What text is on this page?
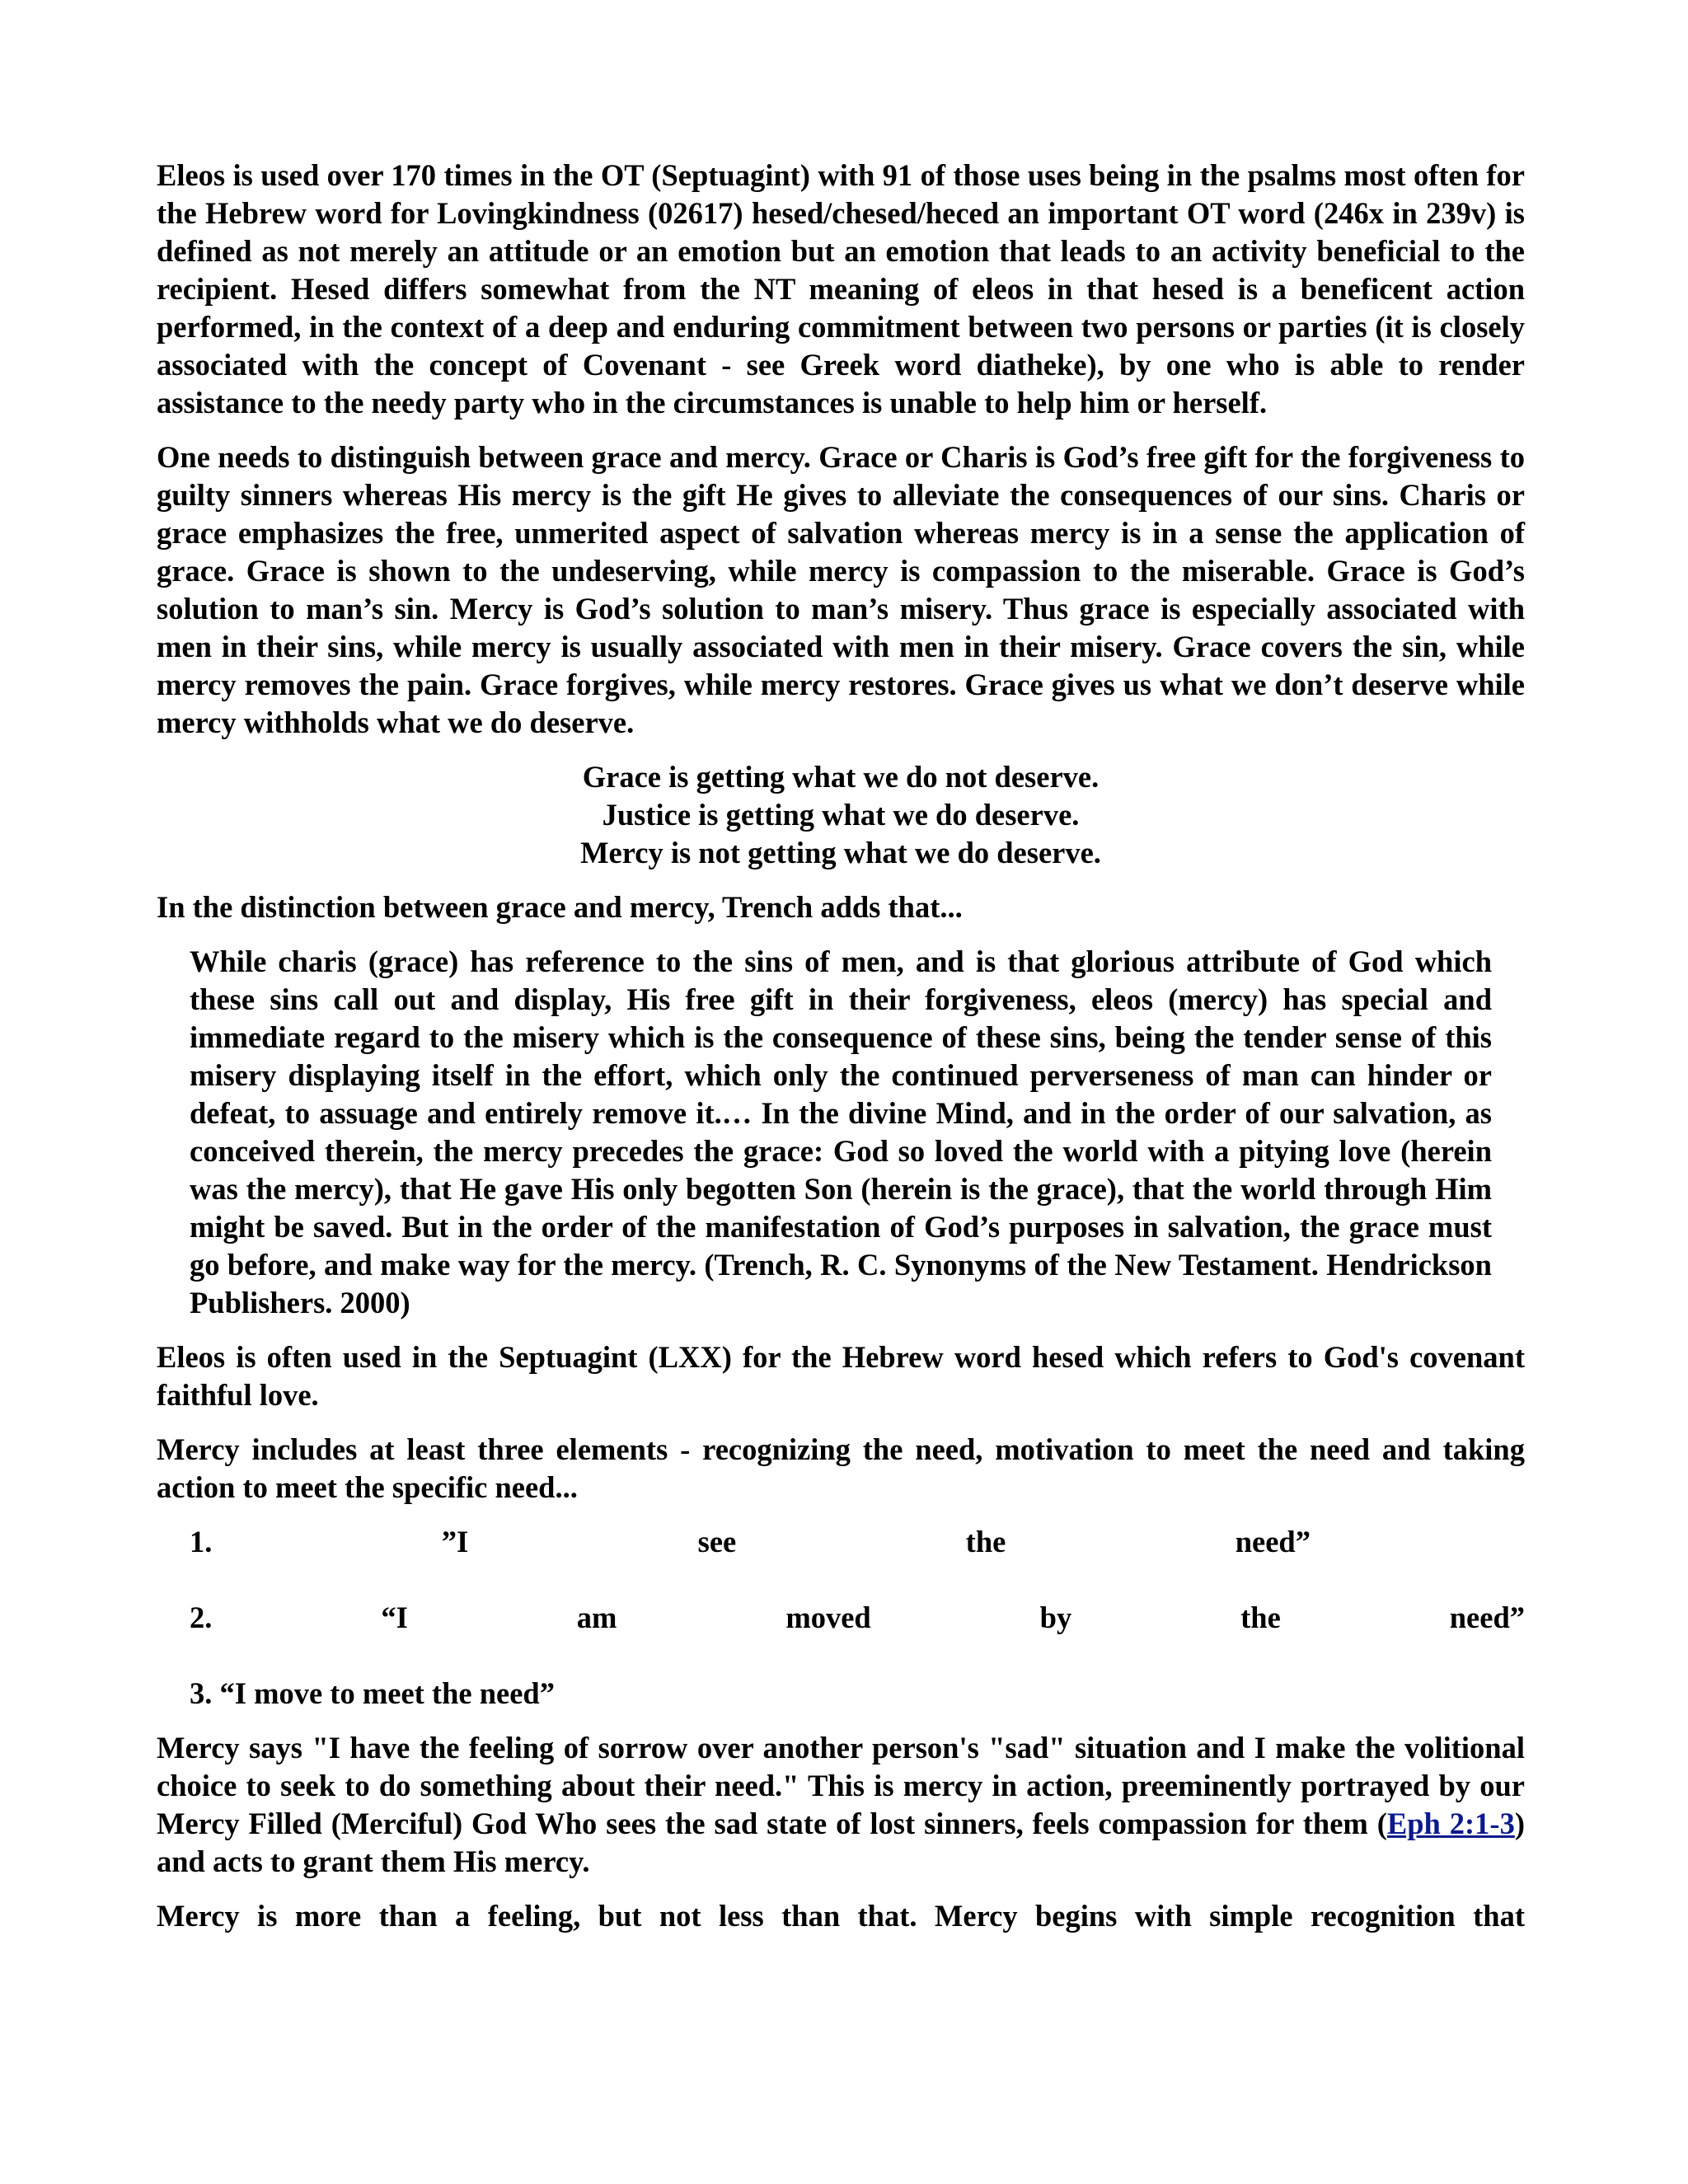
Eleos is used over 170 times in the OT (Septuagint) with 91 of those uses being in the psalms most often for the Hebrew word for Lovingkindness (02617) hesed/chesed/heced an important OT word (246x in 239v) is defined as not merely an attitude or an emotion but an emotion that leads to an activity beneficial to the recipient. Hesed differs somewhat from the NT meaning of eleos in that hesed is a beneficent action performed, in the context of a deep and enduring commitment between two persons or parties (it is closely associated with the concept of Covenant - see Greek word diatheke), by one who is able to render assistance to the needy party who in the circumstances is unable to help him or herself.

One needs to distinguish between grace and mercy. Grace or Charis is God’s free gift for the forgiveness to guilty sinners whereas His mercy is the gift He gives to alleviate the consequences of our sins. Charis or grace emphasizes the free, unmerited aspect of salvation whereas mercy is in a sense the application of grace. Grace is shown to the undeserving, while mercy is compassion to the miserable. Grace is God’s solution to man’s sin. Mercy is God’s solution to man’s misery. Thus grace is especially associated with men in their sins, while mercy is usually associated with men in their misery. Grace covers the sin, while mercy removes the pain. Grace forgives, while mercy restores. Grace gives us what we don’t deserve while mercy withholds what we do deserve.

Grace is getting what we do not deserve.
Justice is getting what we do deserve.
Mercy is not getting what we do deserve.
In the distinction between grace and mercy, Trench adds that...
While charis (grace) has reference to the sins of men, and is that glorious attribute of God which these sins call out and display, His free gift in their forgiveness, eleos (mercy) has special and immediate regard to the misery which is the consequence of these sins, being the tender sense of this misery displaying itself in the effort, which only the continued perverseness of man can hinder or defeat, to assuage and entirely remove it.… In the divine Mind, and in the order of our salvation, as conceived therein, the mercy precedes the grace: God so loved the world with a pitying love (herein was the mercy), that He gave His only begotten Son (herein is the grace), that the world through Him might be saved. But in the order of the manifestation of God’s purposes in salvation, the grace must go before, and make way for the mercy. (Trench, R. C. Synonyms of the New Testament. Hendrickson Publishers. 2000)

Eleos is often used in the Septuagint (LXX) for the Hebrew word hesed which refers to God's covenant faithful love.

Mercy includes at least three elements - recognizing the need, motivation to meet the need and taking action to meet the specific need...

1.	”I	see	the	need”
2.	“I	am	moved	by	the	need”
3. “I move to meet the need”

Mercy says "I have the feeling of sorrow over another person's "sad" situation and I make the volitional choice to seek to do something about their need." This is mercy in action, preeminently portrayed by our Mercy Filled (Merciful) God Who sees the sad state of lost sinners, feels compassion for them (Eph 2:1-3) and acts to grant them His mercy.

Mercy is more than a feeling, but not less than that. Mercy begins with simple recognition that
